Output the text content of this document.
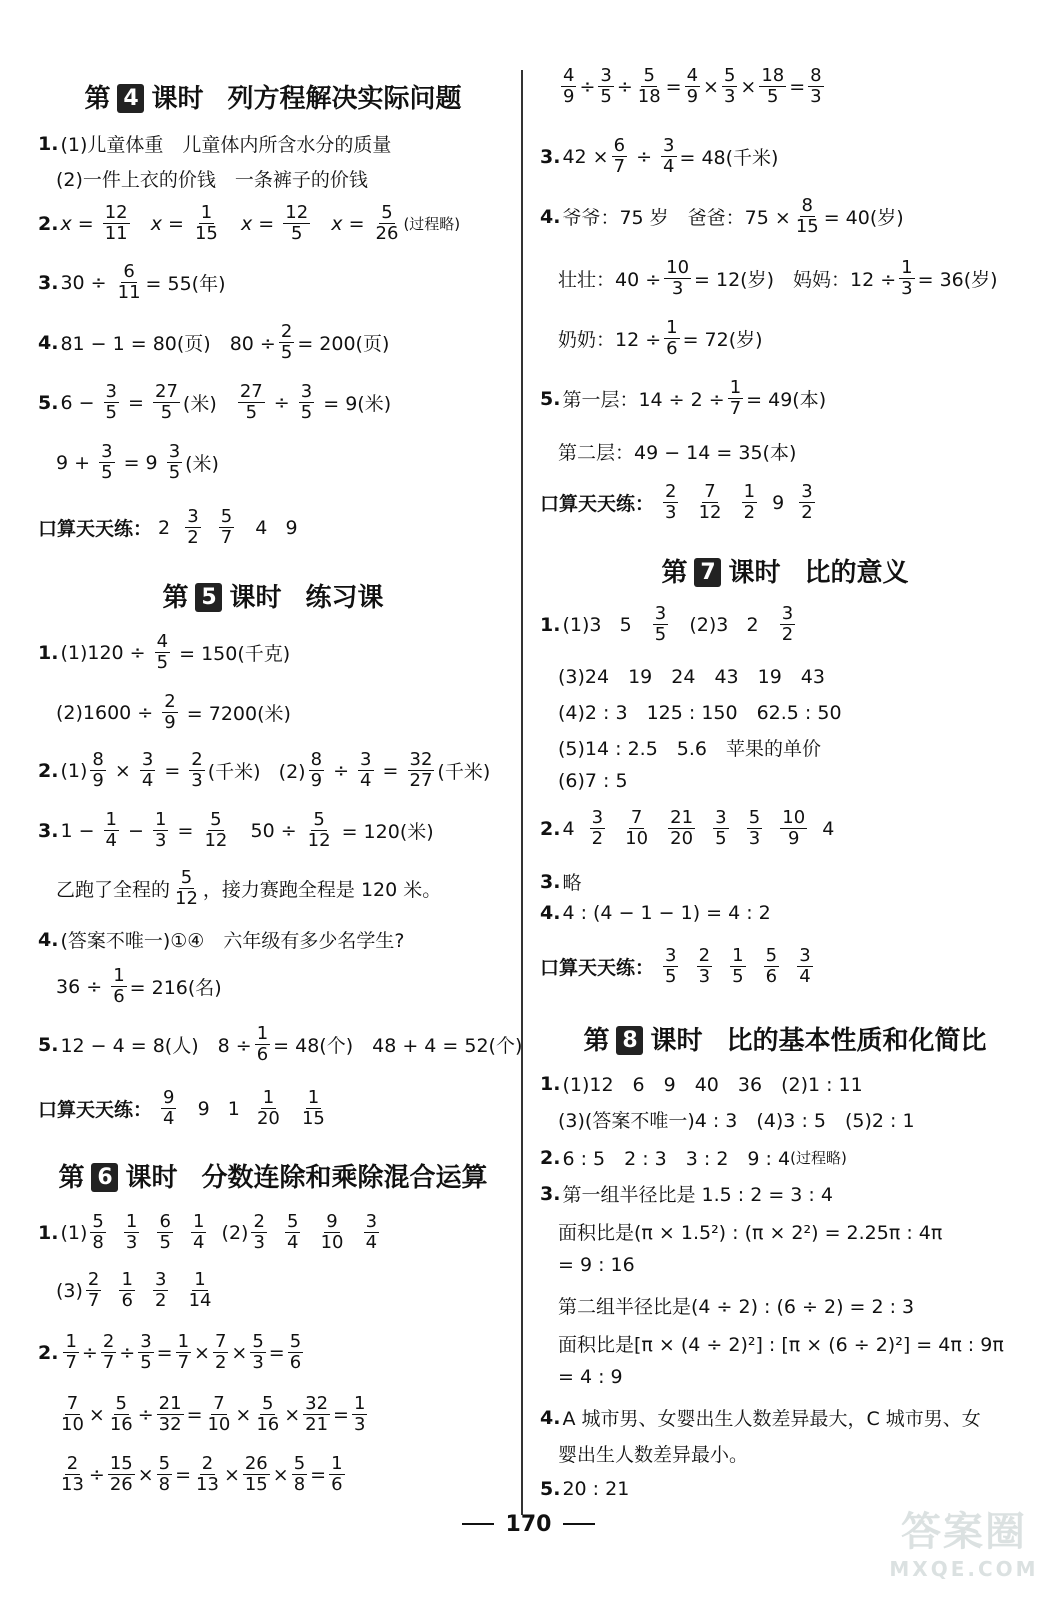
第 4 课时 列方程解决实际问题
1. (1)儿童体重　儿童体内所含水分的质量
(2)一件上衣的价钱　一条裤子的价钱
2. $x = \frac{12}{11}$	$x = \frac{1}{15}$	$x = \frac{12}{5}$	$x = \frac{5}{26}$ (过程略)
3. $30 \div \frac{6}{11} = 55$(年)
4. 81 − 1 = 80(页)　$80 \div \frac{2}{5} = 200$(页)
5. $6 - \frac{3}{5} = \frac{27}{5}$ (米) $\frac{27}{5} \div \frac{3}{5} = 9$(米)
$9 + \frac{3}{5} = 9$ 3
5 (米)
口算天天练： 2 3
2

5
7 4   9
第 5 课时 练习课
1. $(1)120 \div \frac{4}{5} = 150$(千克)
$(2)1600 \div \frac{2}{9} = 7200$(米)
2. $(1) \frac{8}{9} \times \frac{3}{4} = \frac{2}{3}$ (千米)   $(2) \frac{8}{9} \div \frac{3}{4} = \frac{32}{27}$ (千米)
3. $1 - \frac{1}{4} - \frac{1}{3} = \frac{5}{12} 50 \div \frac{5}{12} = 120$(米)
乙跑了全程的
5
12 ，接力赛跑全程是 120 米。
4. (答案不唯一)①④　六年级有多少名学生?
$36 \div \frac{1}{6} = 216$(名)
5. 12 − 4 = 8(人)　$8 \div \frac{1}{6} = 48$(个)　48 + 4 = 52(个)
口算天天练：
9
4 9   1 1
20

1
15
第 6 课时 分数连除和乘除混合运算
1. (1) 5
8

1
3

6
5

1
4 (2) 2
3

5
4

9
10

3
4
(3) 2
7

1
6

3
2

1
14
2. $\frac{1}{7} \div \frac{2}{7} \div \frac{3}{5} = \frac{1}{7} \times \frac{7}{2} \times \frac{5}{3} = \frac{5}{6}$
$\frac{7}{10} \times \frac{5}{16} \div \frac{21}{32} = \frac{7}{10} \times \frac{5}{16} \times \frac{32}{21} = \frac{1}{3}$
$\frac{2}{13} \div \frac{15}{26} \times \frac{5}{8} = \frac{2}{13} \times \frac{26}{15} \times \frac{5}{8} = \frac{1}{6}$
$\frac{4}{9} \div \frac{3}{5} \div \frac{5}{18} = \frac{4}{9} \times \frac{5}{3} \times \frac{18}{5} = \frac{8}{3}$
3. $42 \times \frac{6}{7} \div \frac{3}{4} = 48$(千米)
4. 爷爷：75 岁　爸爸：$75 \times \frac{8}{15} = 40$(岁)
壮壮：$40 \div \frac{10}{3} = 12$(岁)　妈妈：$12 \div \frac{1}{3} = 36$(岁)
奶奶：$12 \div \frac{1}{6} = 72$(岁)
5. 第一层：$14 \div 2 \div \frac{1}{7} = 49$(本)
第二层：49 − 14 = 35(本)
口算天天练：
2
3

7
12

1
2 9 3
2
第 7 课时 比的意义
1. (1)3   5 3
5 (2)3   2 3
2
(3)24　19　24　43　19　43
(4)2 : 3　125 : 150　62.5 : 50
(5)14 : 2.5　5.6　苹果的单价
(6)7 : 5
2. 4 3
2

7
10

21
20

3
5

5
3

10
9 4
3. 略
4. 4 : (4 − 1 − 1) = 4 : 2
口算天天练：
3
5

2
3

1
5

5
6

3
4
第 8 课时 比的基本性质和化简比
1. (1)12　6　9　40　36　(2)1 : 11
(3)(答案不唯一)4 : 3　(4)3 : 5　(5)2 : 1
2. 6 : 5　2 : 3　3 : 2　9 : 4 (过程略)
3. 第一组半径比是 1.5 : 2 = 3 : 4
面积比是(π × 1.5²) : (π × 2²) = 2.25π : 4π
= 9 : 16
第二组半径比是(4 ÷ 2) : (6 ÷ 2) = 2 : 3
面积比是[π × (4 ÷ 2)²] : [π × (6 ÷ 2)²] = 4π : 9π
= 4 : 9
4. A 城市男、女婴出生人数差异最大，C 城市男、女
婴出生人数差异最小。
5. 20 : 21
170	答案圈
MXQE.COM
